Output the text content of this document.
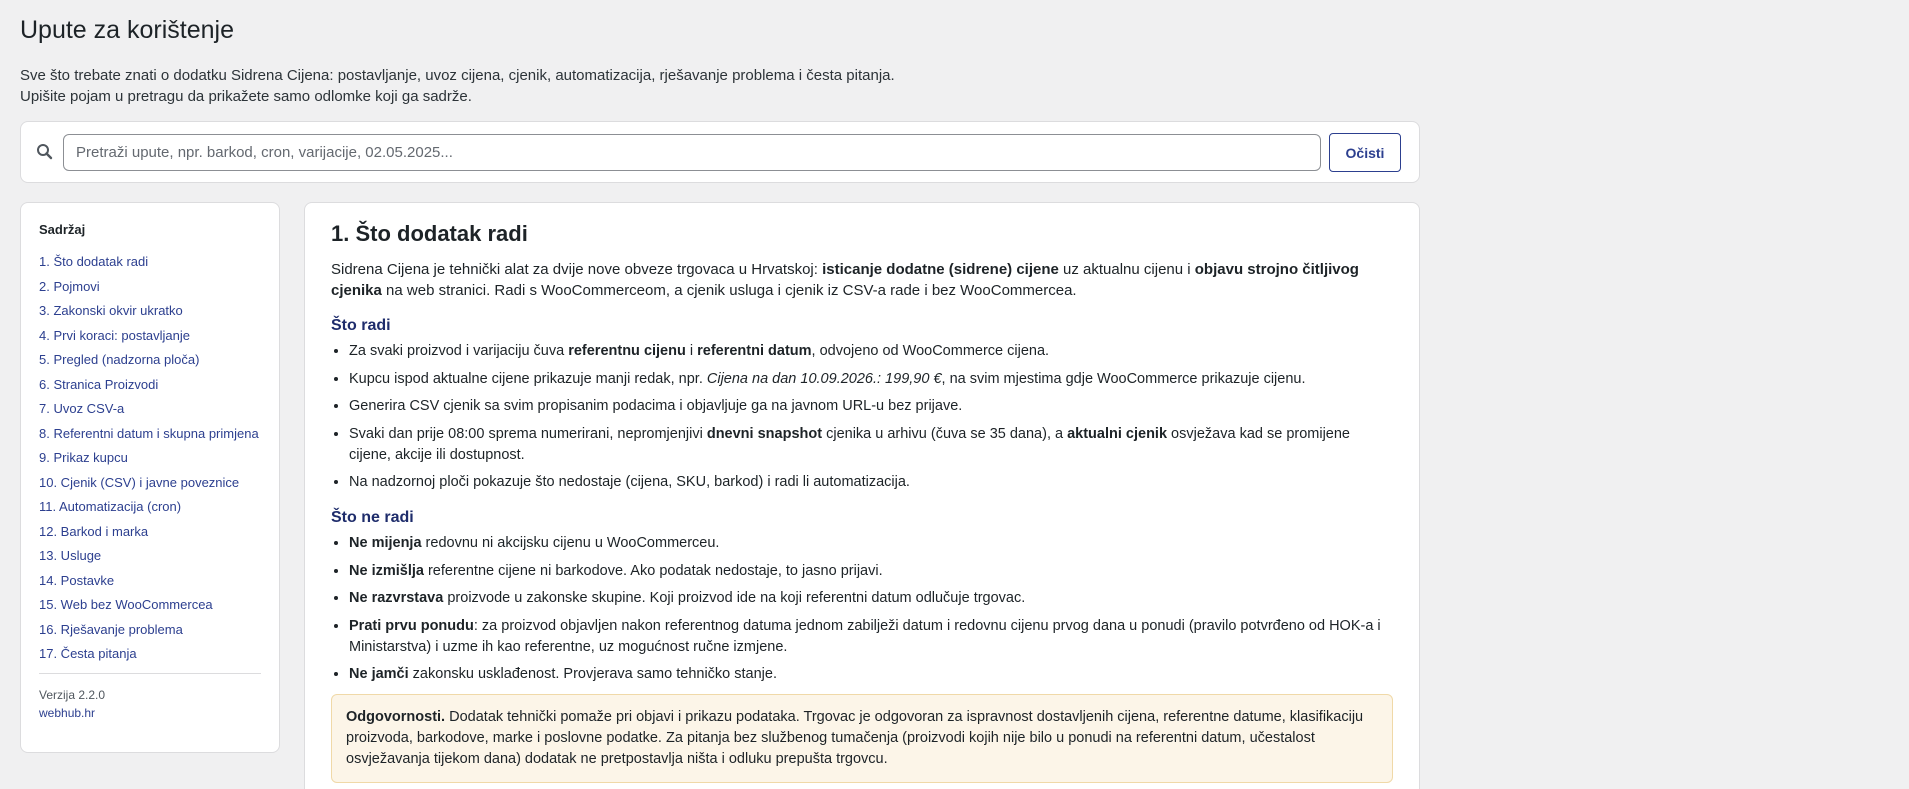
Upute za korištenje

Sve što trebate znati o dodatku Sidrena Cijena: postavljanje, uvoz cijena, cjenik, automatizacija, rješavanje problema i česta pitanja. Upišite pojam u pretragu da prikažete samo odlomke koji ga sadrže.

Pretraži upute, npr. barkod, cron, varijacije, 02.05.2025...
Očisti
Sadržaj
1. Što dodatak radi
2. Pojmovi
3. Zakonski okvir ukratko
4. Prvi koraci: postavljanje
5. Pregled (nadzorna ploča)
6. Stranica Proizvodi
7. Uvoz CSV-a
8. Referentni datum i skupna primjena
9. Prikaz kupcu
10. Cjenik (CSV) i javne poveznice
11. Automatizacija (cron)
12. Barkod i marka
13. Usluge
14. Postavke
15. Web bez WooCommercea
16. Rješavanje problema
17. Česta pitanja
Verzija 2.2.0
webhub.hr
1. Što dodatak radi

Sidrena Cijena je tehnički alat za dvije nove obveze trgovaca u Hrvatskoj: isticanje dodatne (sidrene) cijene uz aktualnu cijenu i objavu strojno čitljivog cjenika na web stranici. Radi s WooCommerceom, a cjenik usluga i cjenik iz CSV-a rade i bez WooCommercea.

Što radi
• Za svaki proizvod i varijaciju čuva referentnu cijenu i referentni datum, odvojeno od WooCommerce cijena.
• Kupcu ispod aktualne cijene prikazuje manji redak, npr. Cijena na dan 10.09.2026.: 199,90 €, na svim mjestima gdje WooCommerce prikazuje cijenu.
• Generira CSV cjenik sa svim propisanim podacima i objavljuje ga na javnom URL-u bez prijave.
• Svaki dan prije 08:00 sprema numerirani, nepromjenjivi dnevni snapshot cjenika u arhivu (čuva se 35 dana), a aktualni cjenik osvježava kad se promijene cijene, akcije ili dostupnost.
• Na nadzornoj ploči pokazuje što nedostaje (cijena, SKU, barkod) i radi li automatizacija.
Što ne radi
• Ne mijenja redovnu ni akcijsku cijenu u WooCommerceu.
• Ne izmišlja referentne cijene ni barkodove. Ako podatak nedostaje, to jasno prijavi.
• Ne razvrstava proizvode u zakonske skupine. Koji proizvod ide na koji referentni datum odlučuje trgovac.
• Prati prvu ponudu: za proizvod objavljen nakon referentnog datuma jednom zabilježi datum i redovnu cijenu prvog dana u ponudi (pravilo potvrđeno od HOK-a i Ministarstva) i uzme ih kao referentne, uz mogućnost ručne izmjene.
• Ne jamči zakonsku usklađenost. Provjerava samo tehničko stanje.
Odgovornosti. Dodatak tehnički pomaže pri objavi i prikazu podataka. Trgovac je odgovoran za ispravnost dostavljenih cijena, referentne datume, klasifikaciju proizvoda, barkodove, marke i poslovne podatke. Za pitanja bez službenog tumačenja (proizvodi kojih nije bilo u ponudi na referentni datum, učestalost osvježavanja tijekom dana) dodatak ne pretpostavlja ništa i odluku prepušta trgovcu.
